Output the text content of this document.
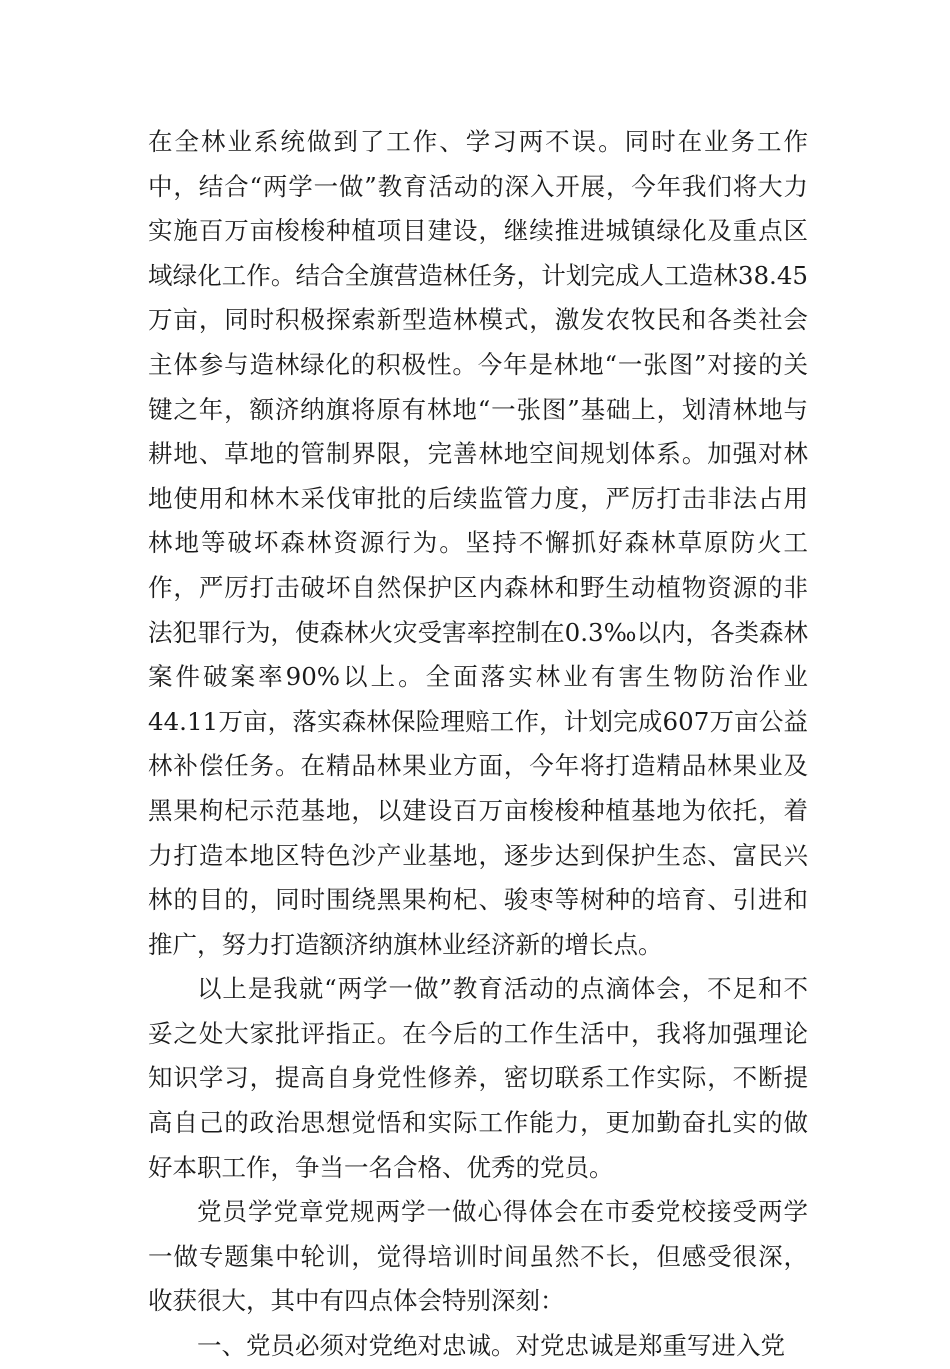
在全林业系统做到了工作、学习两不误。同时在业务工作中，结合“两学一做”教育活动的深入开展，今年我们将大力实施百万亩梭梭种植项目建设，继续推进城镇绿化及重点区域绿化工作。结合全旗营造林任务，计划完成人工造林38.45万亩，同时积极探索新型造林模式，激发农牧民和各类社会主体参与造林绿化的积极性。今年是林地“一张图”对接的关键之年，额济纳旗将原有林地“一张图”基础上，划清林地与耕地、草地的管制界限，完善林地空间规划体系。加强对林地使用和林木采伐审批的后续监管力度，严厉打击非法占用林地等破坏森林资源行为。坚持不懈抓好森林草原防火工作，严厉打击破坏自然保护区内森林和野生动植物资源的非法犯罪行为，使森林火灾受害率控制在0.3‰以内，各类森林案件破案率90%以上。全面落实林业有害生物防治作业44.11万亩，落实森林保险理赔工作，计划完成607万亩公益林补偿任务。在精品林果业方面，今年将打造精品林果业及黑果枸杞示范基地，以建设百万亩梭梭种植基地为依托，着力打造本地区特色沙产业基地，逐步达到保护生态、富民兴林的目的，同时围绕黑果枸杞、骏枣等树种的培育、引进和推广，努力打造额济纳旗林业经济新的增长点。

以上是我就“两学一做”教育活动的点滴体会，不足和不妥之处大家批评指正。在今后的工作生活中，我将加强理论知识学习，提高自身党性修养，密切联系工作实际，不断提高自己的政治思想觉悟和实际工作能力，更加勤奋扎实的做好本职工作，争当一名合格、优秀的党员。

党员学党章党规两学一做心得体会在市委党校接受两学一做专题集中轮训，觉得培训时间虽然不长，但感受很深，收获很大，其中有四点体会特别深刻：

一、党员必须对党绝对忠诚。对党忠诚是郑重写进入党
